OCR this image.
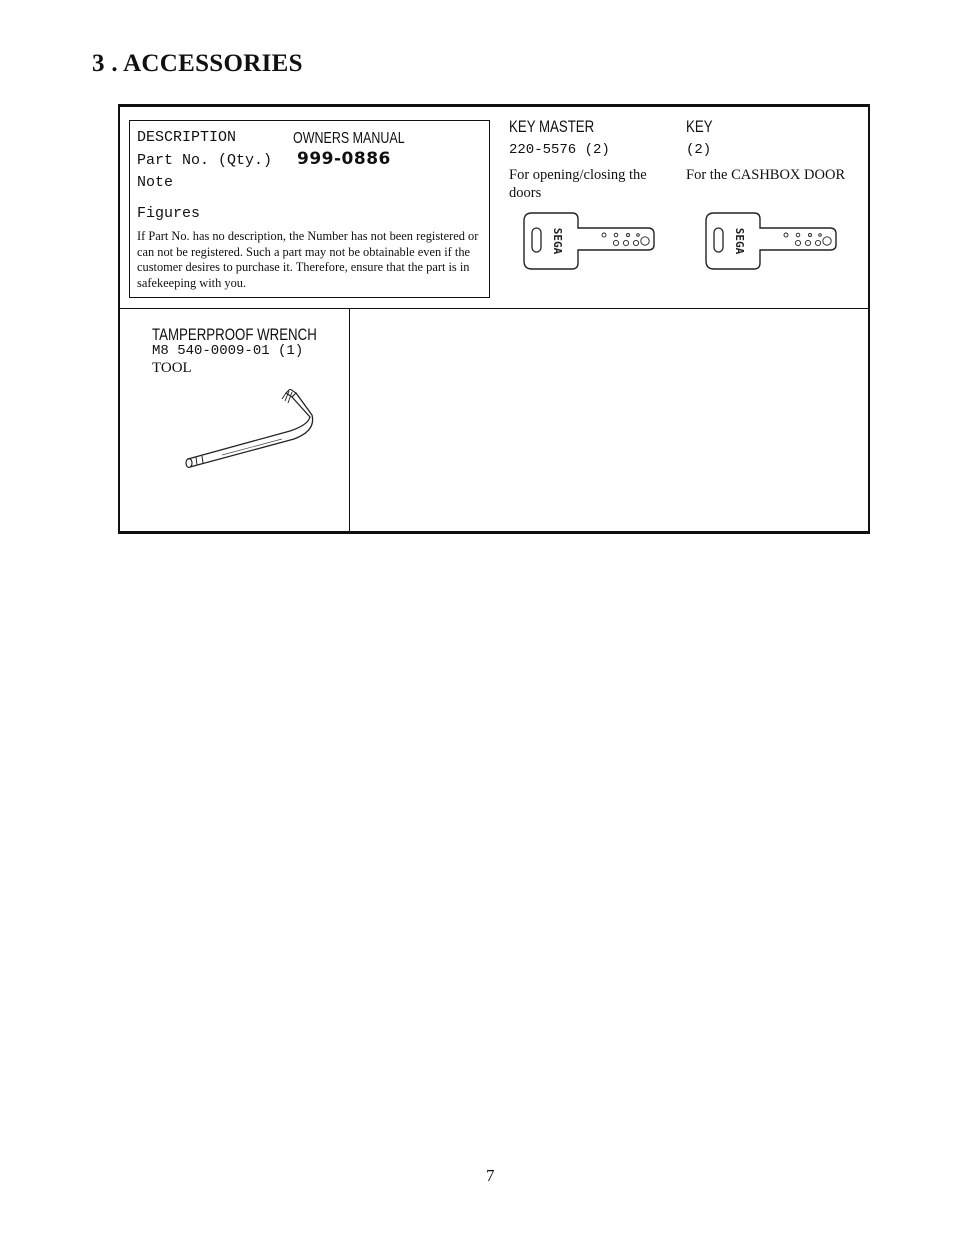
3 . ACCESSORIES
DESCRIPTION	OWNERS MANUAL
Part No. (Qty.) 999-0886
Note
Figures
If Part No. has no description, the Number has not been registered or can not be registered. Such a part may not be obtainable even if the customer desires to purchase it. Therefore, ensure that the part is in safekeeping with you.
KEY MASTER
220-5576 (2)
For opening/closing the doors
SEGA
KEY
(2)
For the CASHBOX DOOR
SEGA
TAMPERPROOF WRENCH
M8 540-0009-01 (1)
TOOL
7
